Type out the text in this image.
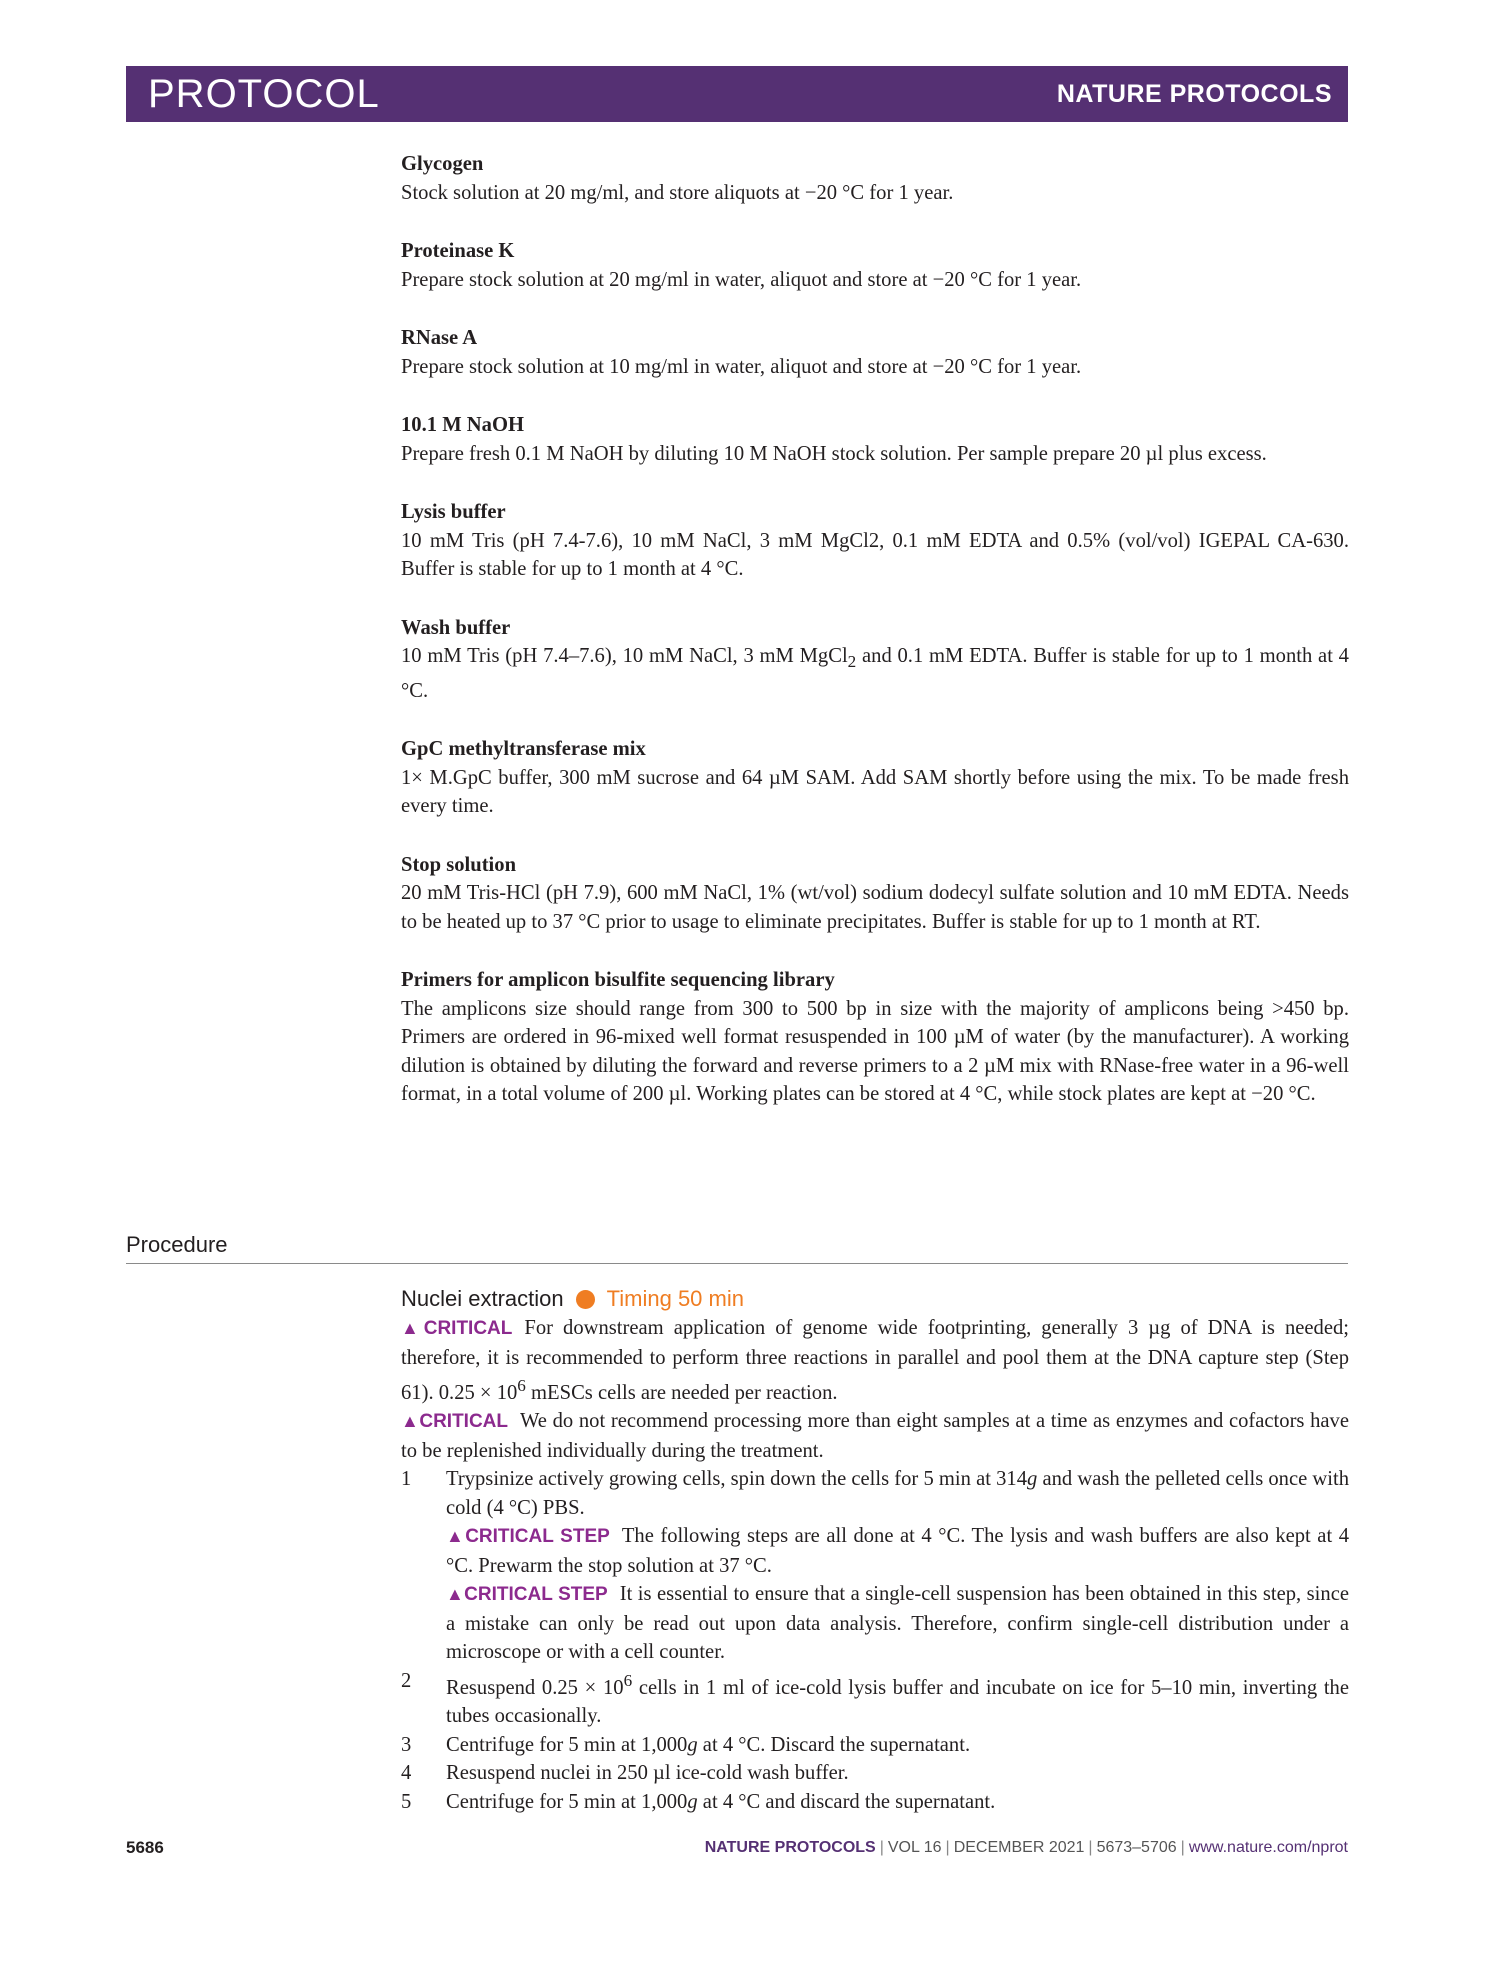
PROTOCOL	NATURE PROTOCOLS
Glycogen
Stock solution at 20 mg/ml, and store aliquots at −20 °C for 1 year.
Proteinase K
Prepare stock solution at 20 mg/ml in water, aliquot and store at −20 °C for 1 year.
RNase A
Prepare stock solution at 10 mg/ml in water, aliquot and store at −20 °C for 1 year.
10.1 M NaOH
Prepare fresh 0.1 M NaOH by diluting 10 M NaOH stock solution. Per sample prepare 20 µl plus excess.
Lysis buffer
10 mM Tris (pH 7.4-7.6), 10 mM NaCl, 3 mM MgCl2, 0.1 mM EDTA and 0.5% (vol/vol) IGEPAL CA-630. Buffer is stable for up to 1 month at 4 °C.
Wash buffer
10 mM Tris (pH 7.4–7.6), 10 mM NaCl, 3 mM MgCl$_2$ and 0.1 mM EDTA. Buffer is stable for up to 1 month at 4 °C.
GpC methyltransferase mix
1× M.GpC buffer, 300 mM sucrose and 64 µM SAM. Add SAM shortly before using the mix. To be made fresh every time.
Stop solution
20 mM Tris-HCl (pH 7.9), 600 mM NaCl, 1% (wt/vol) sodium dodecyl sulfate solution and 10 mM EDTA. Needs to be heated up to 37 °C prior to usage to eliminate precipitates. Buffer is stable for up to 1 month at RT.
Primers for amplicon bisulfite sequencing library
The amplicons size should range from 300 to 500 bp in size with the majority of amplicons being >450 bp. Primers are ordered in 96-mixed well format resuspended in 100 µM of water (by the manufacturer). A working dilution is obtained by diluting the forward and reverse primers to a 2 µM mix with RNase-free water in a 96-well format, in a total volume of 200 µl. Working plates can be stored at 4 °C, while stock plates are kept at −20 °C.
Procedure
Nuclei extraction Timing 50 min
▲CRITICAL For downstream application of genome wide footprinting, generally 3 µg of DNA is needed; therefore, it is recommended to perform three reactions in parallel and pool them at the DNA capture step (Step 61). $0.25 \times 10^6$ mESCs cells are needed per reaction.
▲CRITICAL We do not recommend processing more than eight samples at a time as enzymes and cofactors have to be replenished individually during the treatment.
1	Trypsinize actively growing cells, spin down the cells for 5 min at 314g and wash the pelleted cells once with cold (4 °C) PBS.
▲CRITICAL STEP The following steps are all done at 4 °C. The lysis and wash buffers are also kept at 4 °C. Prewarm the stop solution at 37 °C.
▲CRITICAL STEP It is essential to ensure that a single-cell suspension has been obtained in this step, since a mistake can only be read out upon data analysis. Therefore, confirm single-cell distribution under a microscope or with a cell counter.
2	Resuspend $0.25 \times 10^6$ cells in 1 ml of ice-cold lysis buffer and incubate on ice for 5–10 min, inverting the tubes occasionally.
3	Centrifuge for 5 min at 1,000g at 4 °C. Discard the supernatant.
4	Resuspend nuclei in 250 µl ice-cold wash buffer.
5	Centrifuge for 5 min at 1,000g at 4 °C and discard the supernatant.
5686	NATURE PROTOCOLS | VOL 16 | DECEMBER 2021 | 5673–5706 | www.nature.com/nprot
